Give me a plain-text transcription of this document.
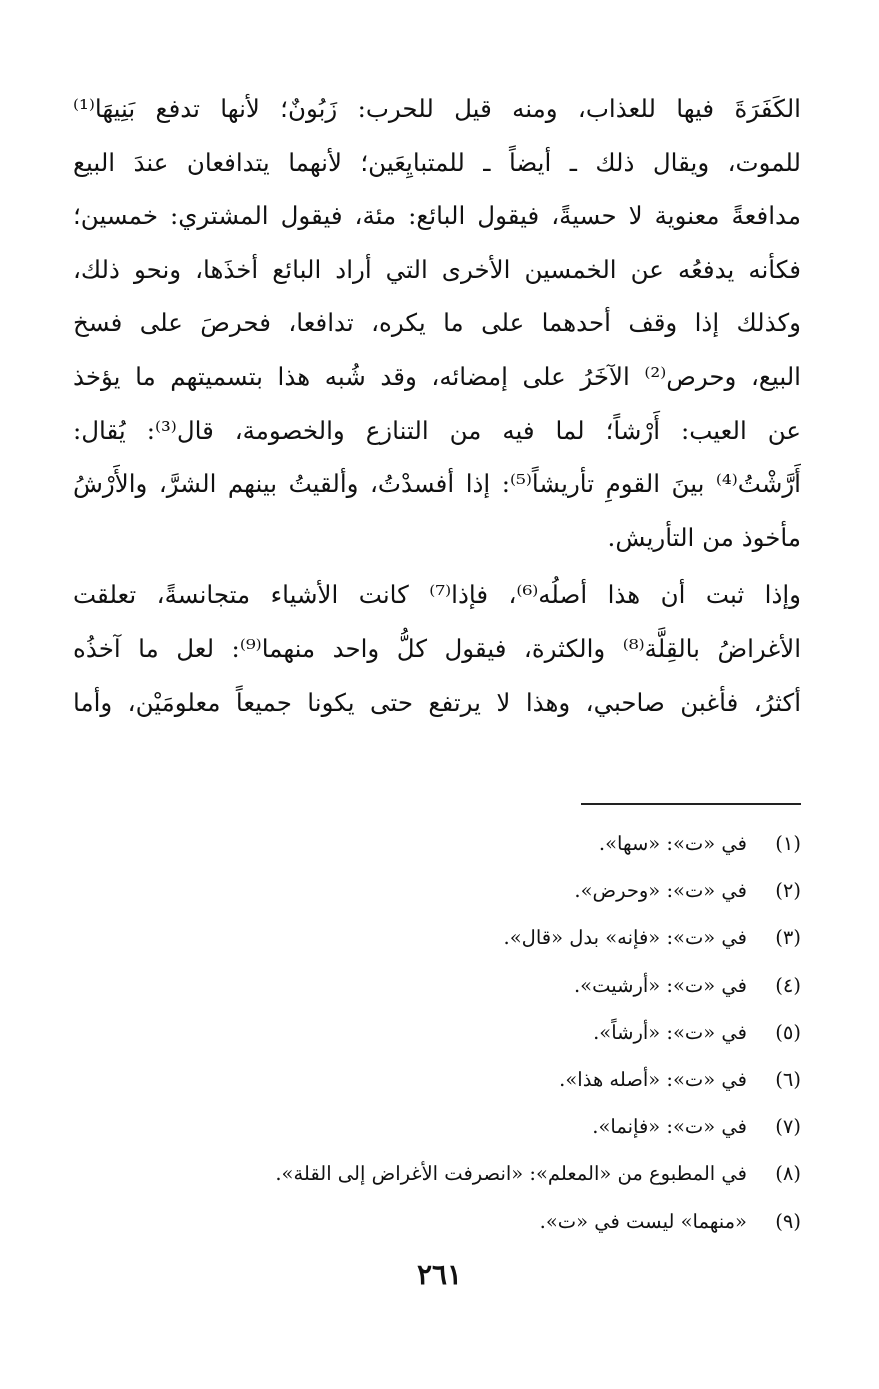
الكَفَرَةَ فيها للعذاب، ومنه قيل للحرب: زَبُونٌ؛ لأنها تدفع بَنِيهَا⁽¹⁾
للموت، ويقال ذلك ـ أيضاً ـ للمتبايِعَين؛ لأنهما يتدافعان عندَ البيع
مدافعةً معنوية لا حسيةً، فيقول البائع: مئة، فيقول المشتري: خمسين؛
فكأنه يدفعُه عن الخمسين الأخرى التي أراد البائع أخذَها، ونحو ذلك،
وكذلك إذا وقف أحدهما على ما يكره، تدافعا، فحرصَ على فسخ
البيع، وحرص⁽²⁾ الآخَرُ على إمضائه، وقد شُبه هذا بتسميتهم ما يؤخذ
عن العيب: أَرْشاً؛ لما فيه من التنازع والخصومة، قال⁽³⁾: يُقال:
أَرَّشْتُ⁽⁴⁾ بينَ القومِ تأريشاً⁽⁵⁾: إذا أفسدْتُ، وألقيتُ بينهم الشرَّ، والأَرْشُ
مأخوذ من التأريش.
وإذا ثبت أن هذا أصلُه⁽⁶⁾، فإذا⁽⁷⁾ كانت الأشياء متجانسةً، تعلقت
الأغراضُ بالقِلَّة⁽⁸⁾ والكثرة، فيقول كلُّ واحد منهما⁽⁹⁾: لعل ما آخذُه
أكثرُ، فأغبن صاحبي، وهذا لا يرتفع حتى يكونا جميعاً معلومَيْن، وأما
(١)
في «ت»: «سها».
(٢)
في «ت»: «وحرض».
(٣)
في «ت»: «فإنه» بدل «قال».
(٤)
في «ت»: «أرشيت».
(٥)
في «ت»: «أرشاً».
(٦)
في «ت»: «أصله هذا».
(٧)
في «ت»: «فإنما».
(٨)
في المطبوع من «المعلم»: «انصرفت الأغراض إلى القلة».
(٩)
«منهما» ليست في «ت».
٢٦١
